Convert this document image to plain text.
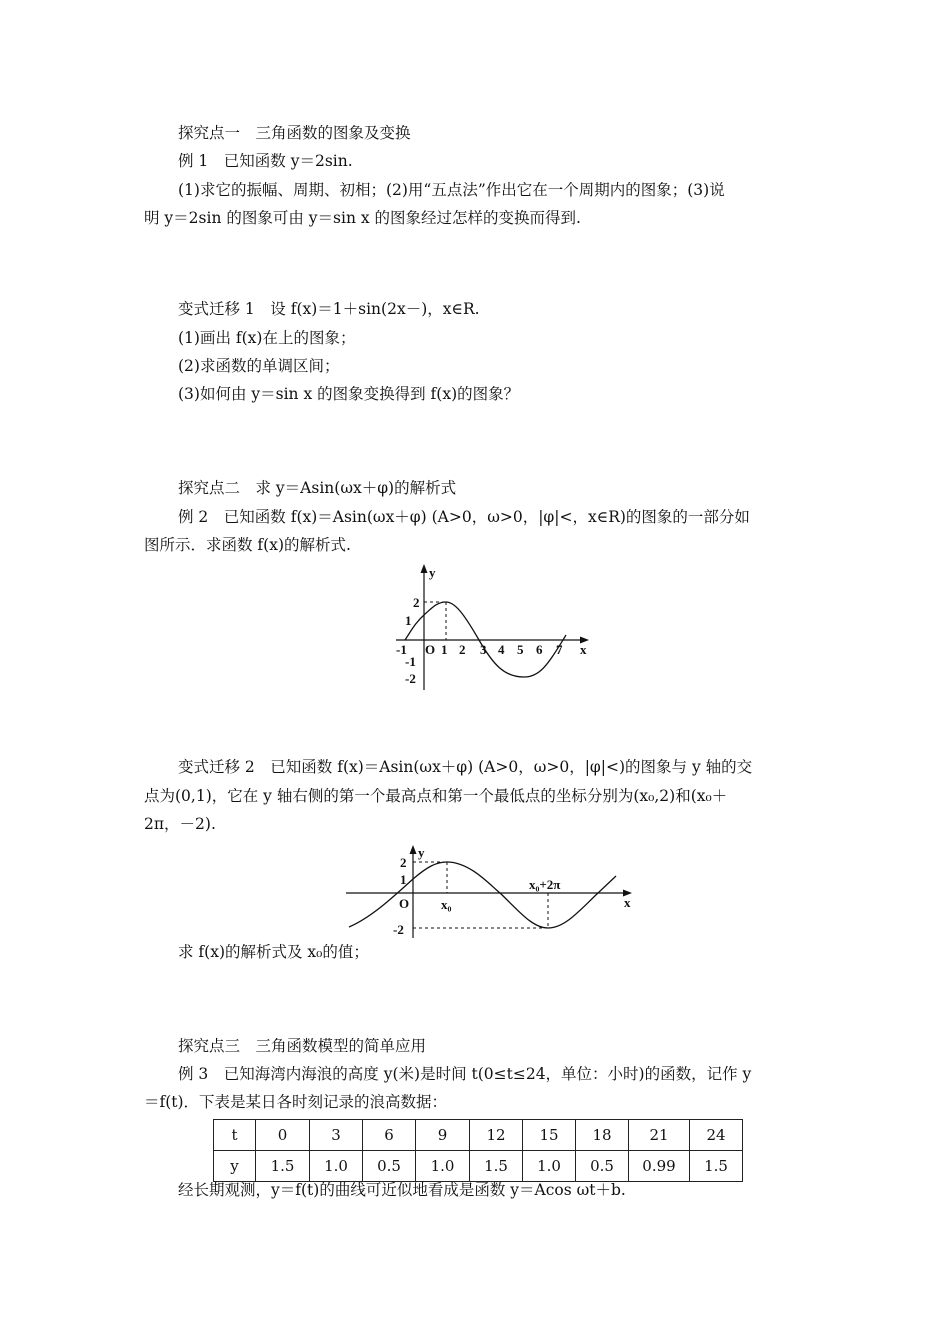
探究点一　三角函数的图象及变换
例 1　已知函数 y＝2sin.
(1)求它的振幅、周期、初相；(2)用“五点法”作出它在一个周期内的图象；(3)说
明 y＝2sin 的图象可由 y＝sin x 的图象经过怎样的变换而得到.
变式迁移 1　设 f(x)＝1＋sin(2x－)，x∈R.
(1)画出 f(x)在上的图象；
(2)求函数的单调区间；
(3)如何由 y＝sin x 的图象变换得到 f(x)的图象？
探究点二　求 y＝Asin(ωx＋φ)的解析式
例 2　已知函数 f(x)＝Asin(ωx＋φ) (A>0，ω>0，|φ|<，x∈R)的图象的一部分如
图所示．求函数 f(x)的解析式.
y
x
O
-1	1 2 3 4 5 6 7
2
1
-1
-2
变式迁移 2　已知函数 f(x)＝Asin(ωx＋φ) (A>0，ω>0，|φ|<)的图象与 y 轴的交
点为(0,1)，它在 y 轴右侧的第一个最高点和第一个最低点的坐标分别为(x₀,2)和(x₀＋
2π，－2).
y
x
O
2
1
-2
x₀
x₀+2π
求 f(x)的解析式及 x₀的值；
探究点三　三角函数模型的简单应用
例 3　已知海湾内海浪的高度 y(米)是时间 t(0≤t≤24，单位：小时)的函数，记作 y
＝f(t)．下表是某日各时刻记录的浪高数据：
t	0	3	6	9	12	15	18	21	24
y	1.5	1.0	0.5	1.0	1.5	1.0	0.5	0.99	1.5
经长期观测，y＝f(t)的曲线可近似地看成是函数 y＝Acos ωt＋b.
